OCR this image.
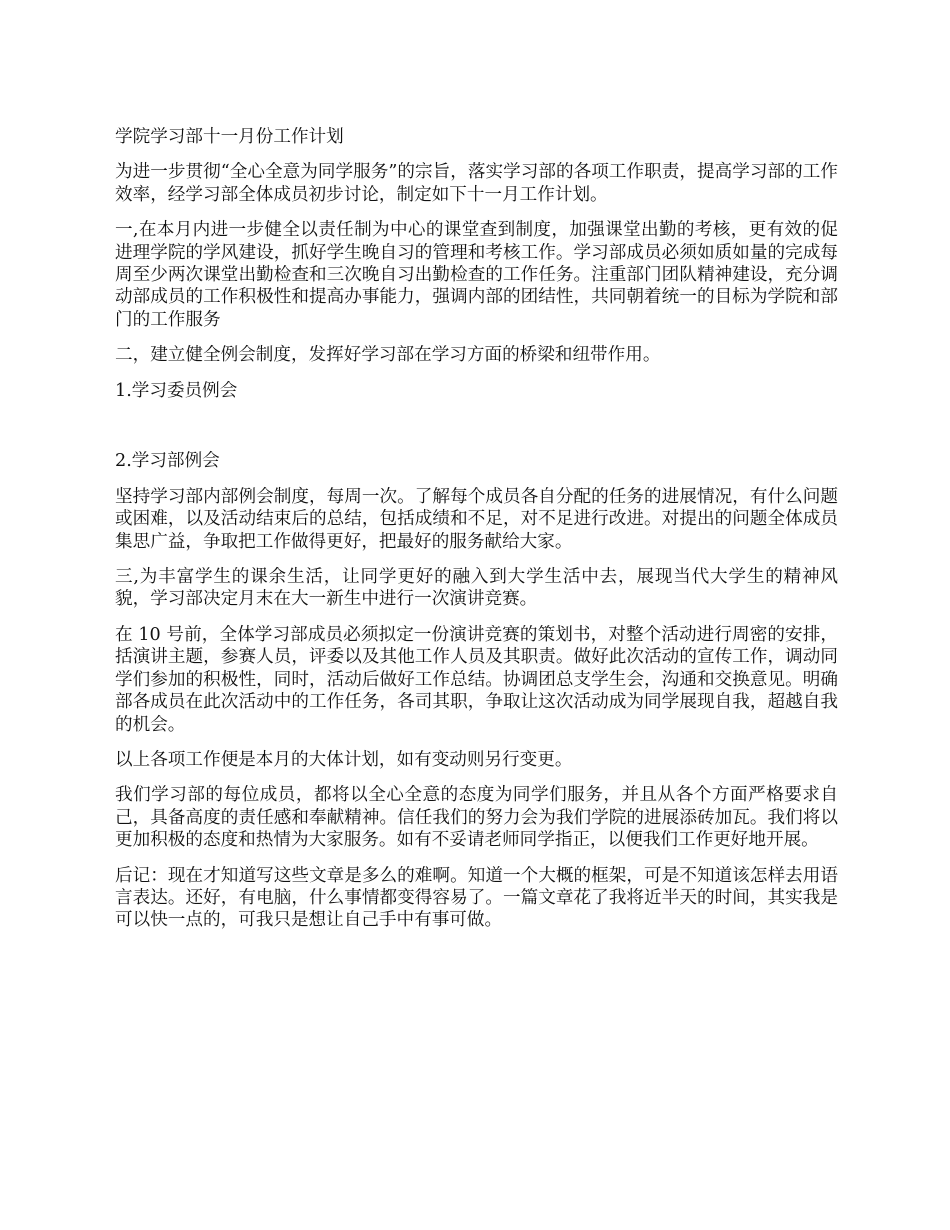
学院学习部十一月份工作计划

为进一步贯彻“全心全意为同学服务”的宗旨，落实学习部的各项工作职责，提高学习部的工作效率，经学习部全体成员初步讨论，制定如下十一月工作计划。

一,在本月内进一步健全以责任制为中心的课堂查到制度，加强课堂出勤的考核，更有效的促进理学院的学风建设，抓好学生晚自习的管理和考核工作。学习部成员必须如质如量的完成每周至少两次课堂出勤检查和三次晚自习出勤检查的工作任务。注重部门团队精神建设，充分调动部成员的工作积极性和提高办事能力，强调内部的团结性，共同朝着统一的目标为学院和部门的工作服务

二，建立健全例会制度，发挥好学习部在学习方面的桥梁和纽带作用。

1.学习委员例会

2.学习部例会

坚持学习部内部例会制度，每周一次。了解每个成员各自分配的任务的进展情况，有什么问题或困难，以及活动结束后的总结，包括成绩和不足，对不足进行改进。对提出的问题全体成员集思广益，争取把工作做得更好，把最好的服务献给大家。

三,为丰富学生的课余生活，让同学更好的融入到大学生活中去，展现当代大学生的精神风貌，学习部决定月末在大一新生中进行一次演讲竞赛。

在 10 号前，全体学习部成员必须拟定一份演讲竞赛的策划书，对整个活动进行周密的安排，括演讲主题，参赛人员，评委以及其他工作人员及其职责。做好此次活动的宣传工作，调动同学们参加的积极性，同时，活动后做好工作总结。协调团总支学生会，沟通和交换意见。明确部各成员在此次活动中的工作任务，各司其职，争取让这次活动成为同学展现自我，超越自我的机会。

以上各项工作便是本月的大体计划，如有变动则另行变更。

我们学习部的每位成员，都将以全心全意的态度为同学们服务，并且从各个方面严格要求自己，具备高度的责任感和奉献精神。信任我们的努力会为我们学院的进展添砖加瓦。我们将以更加积极的态度和热情为大家服务。如有不妥请老师同学指正，以便我们工作更好地开展。

后记：现在才知道写这些文章是多么的难啊。知道一个大概的框架，可是不知道该怎样去用语言表达。还好，有电脑，什么事情都变得容易了。一篇文章花了我将近半天的时间，其实我是可以快一点的，可我只是想让自己手中有事可做。
